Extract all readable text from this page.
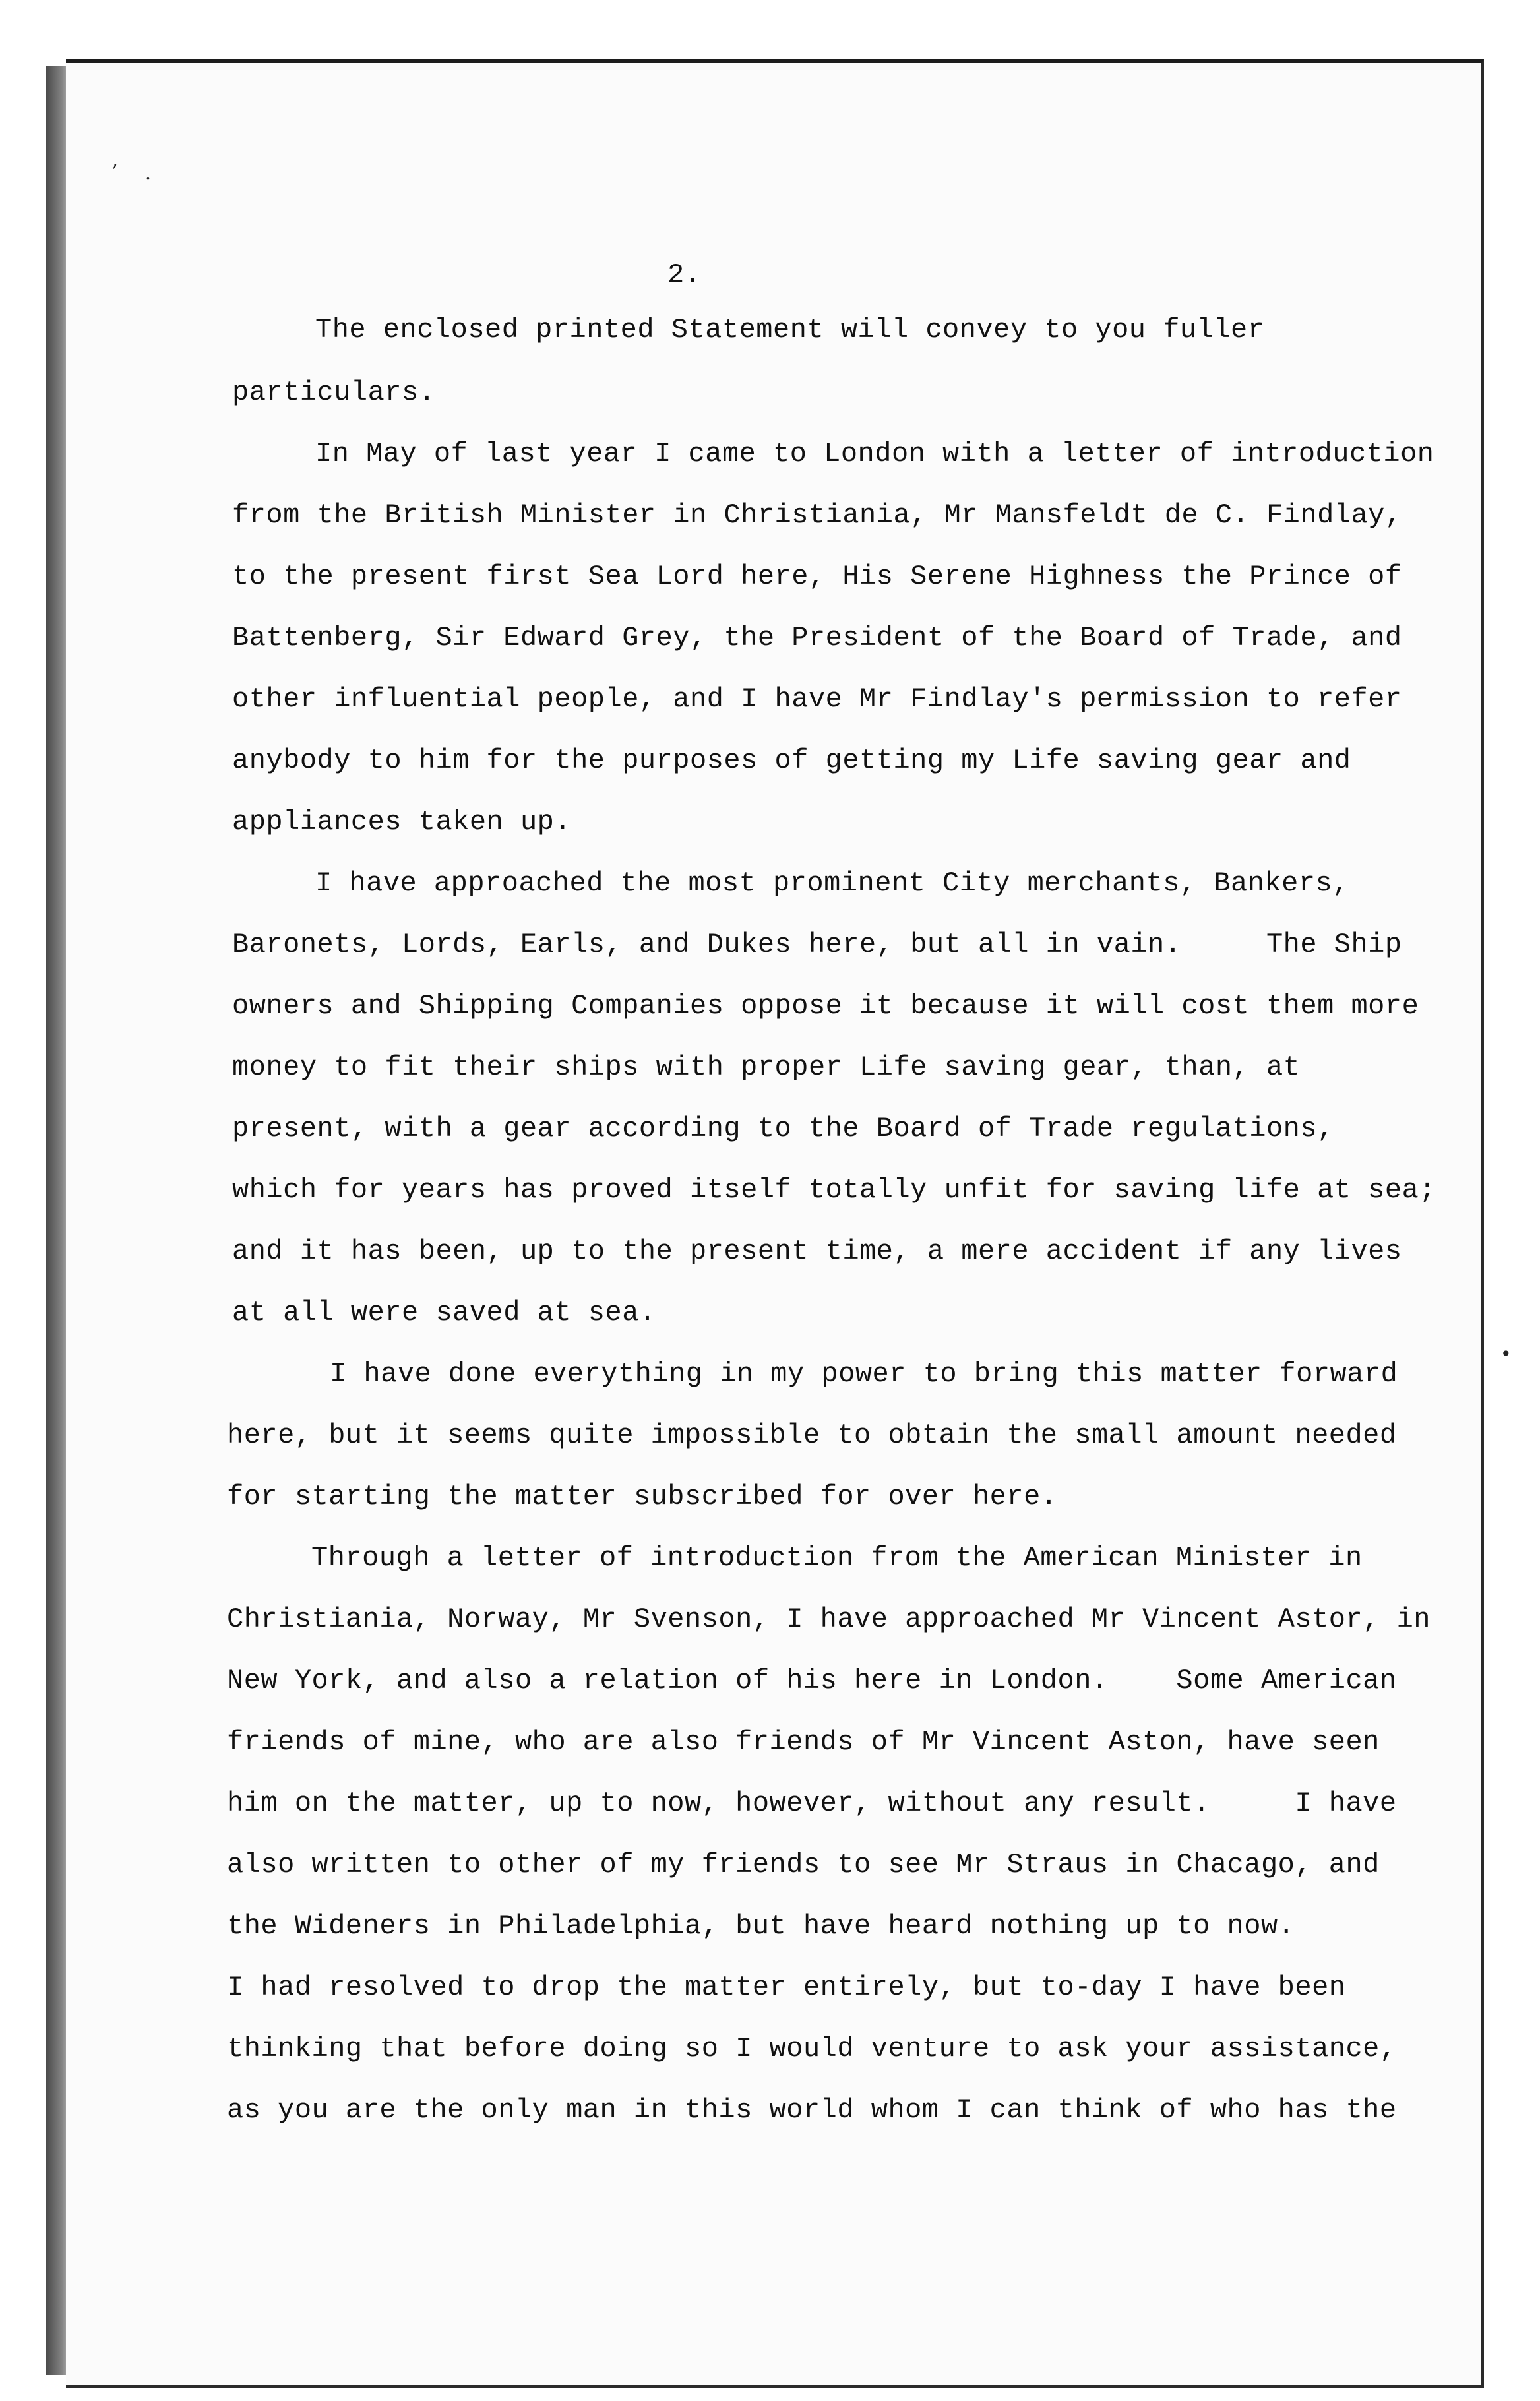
,
.
•
2.
The enclosed printed Statement will convey to you fuller
particulars.
In May of last year I came to London with a letter of introduction
from the British Minister in Christiania, Mr Mansfeldt de C. Findlay,
to the present first Sea Lord here, His Serene Highness the Prince of
Battenberg, Sir Edward Grey, the President of the Board of Trade, and
other influential people, and I have Mr Findlay's permission to refer
anybody to him for the purposes of getting my Life saving gear and
appliances taken up.
I have approached the most prominent City merchants, Bankers,
Baronets, Lords, Earls, and Dukes here, but all in vain.     The Ship
owners and Shipping Companies oppose it because it will cost them more
money to fit their ships with proper Life saving gear, than, at
present, with a gear according to the Board of Trade regulations,
which for years has proved itself totally unfit for saving life at sea;
and it has been, up to the present time, a mere accident if any lives
at all were saved at sea.
I have done everything in my power to bring this matter forward
here, but it seems quite impossible to obtain the small amount needed
for starting the matter subscribed for over here.
Through a letter of introduction from the American Minister in
Christiania, Norway, Mr Svenson, I have approached Mr Vincent Astor, in
New York, and also a relation of his here in London.    Some American
friends of mine, who are also friends of Mr Vincent Aston, have seen
him on the matter, up to now, however, without any result.     I have
also written to other of my friends to see Mr Straus in Chacago, and
the Wideners in Philadelphia, but have heard nothing up to now.
I had resolved to drop the matter entirely, but to-day I have been
thinking that before doing so I would venture to ask your assistance,
as you are the only man in this world whom I can think of who has the
